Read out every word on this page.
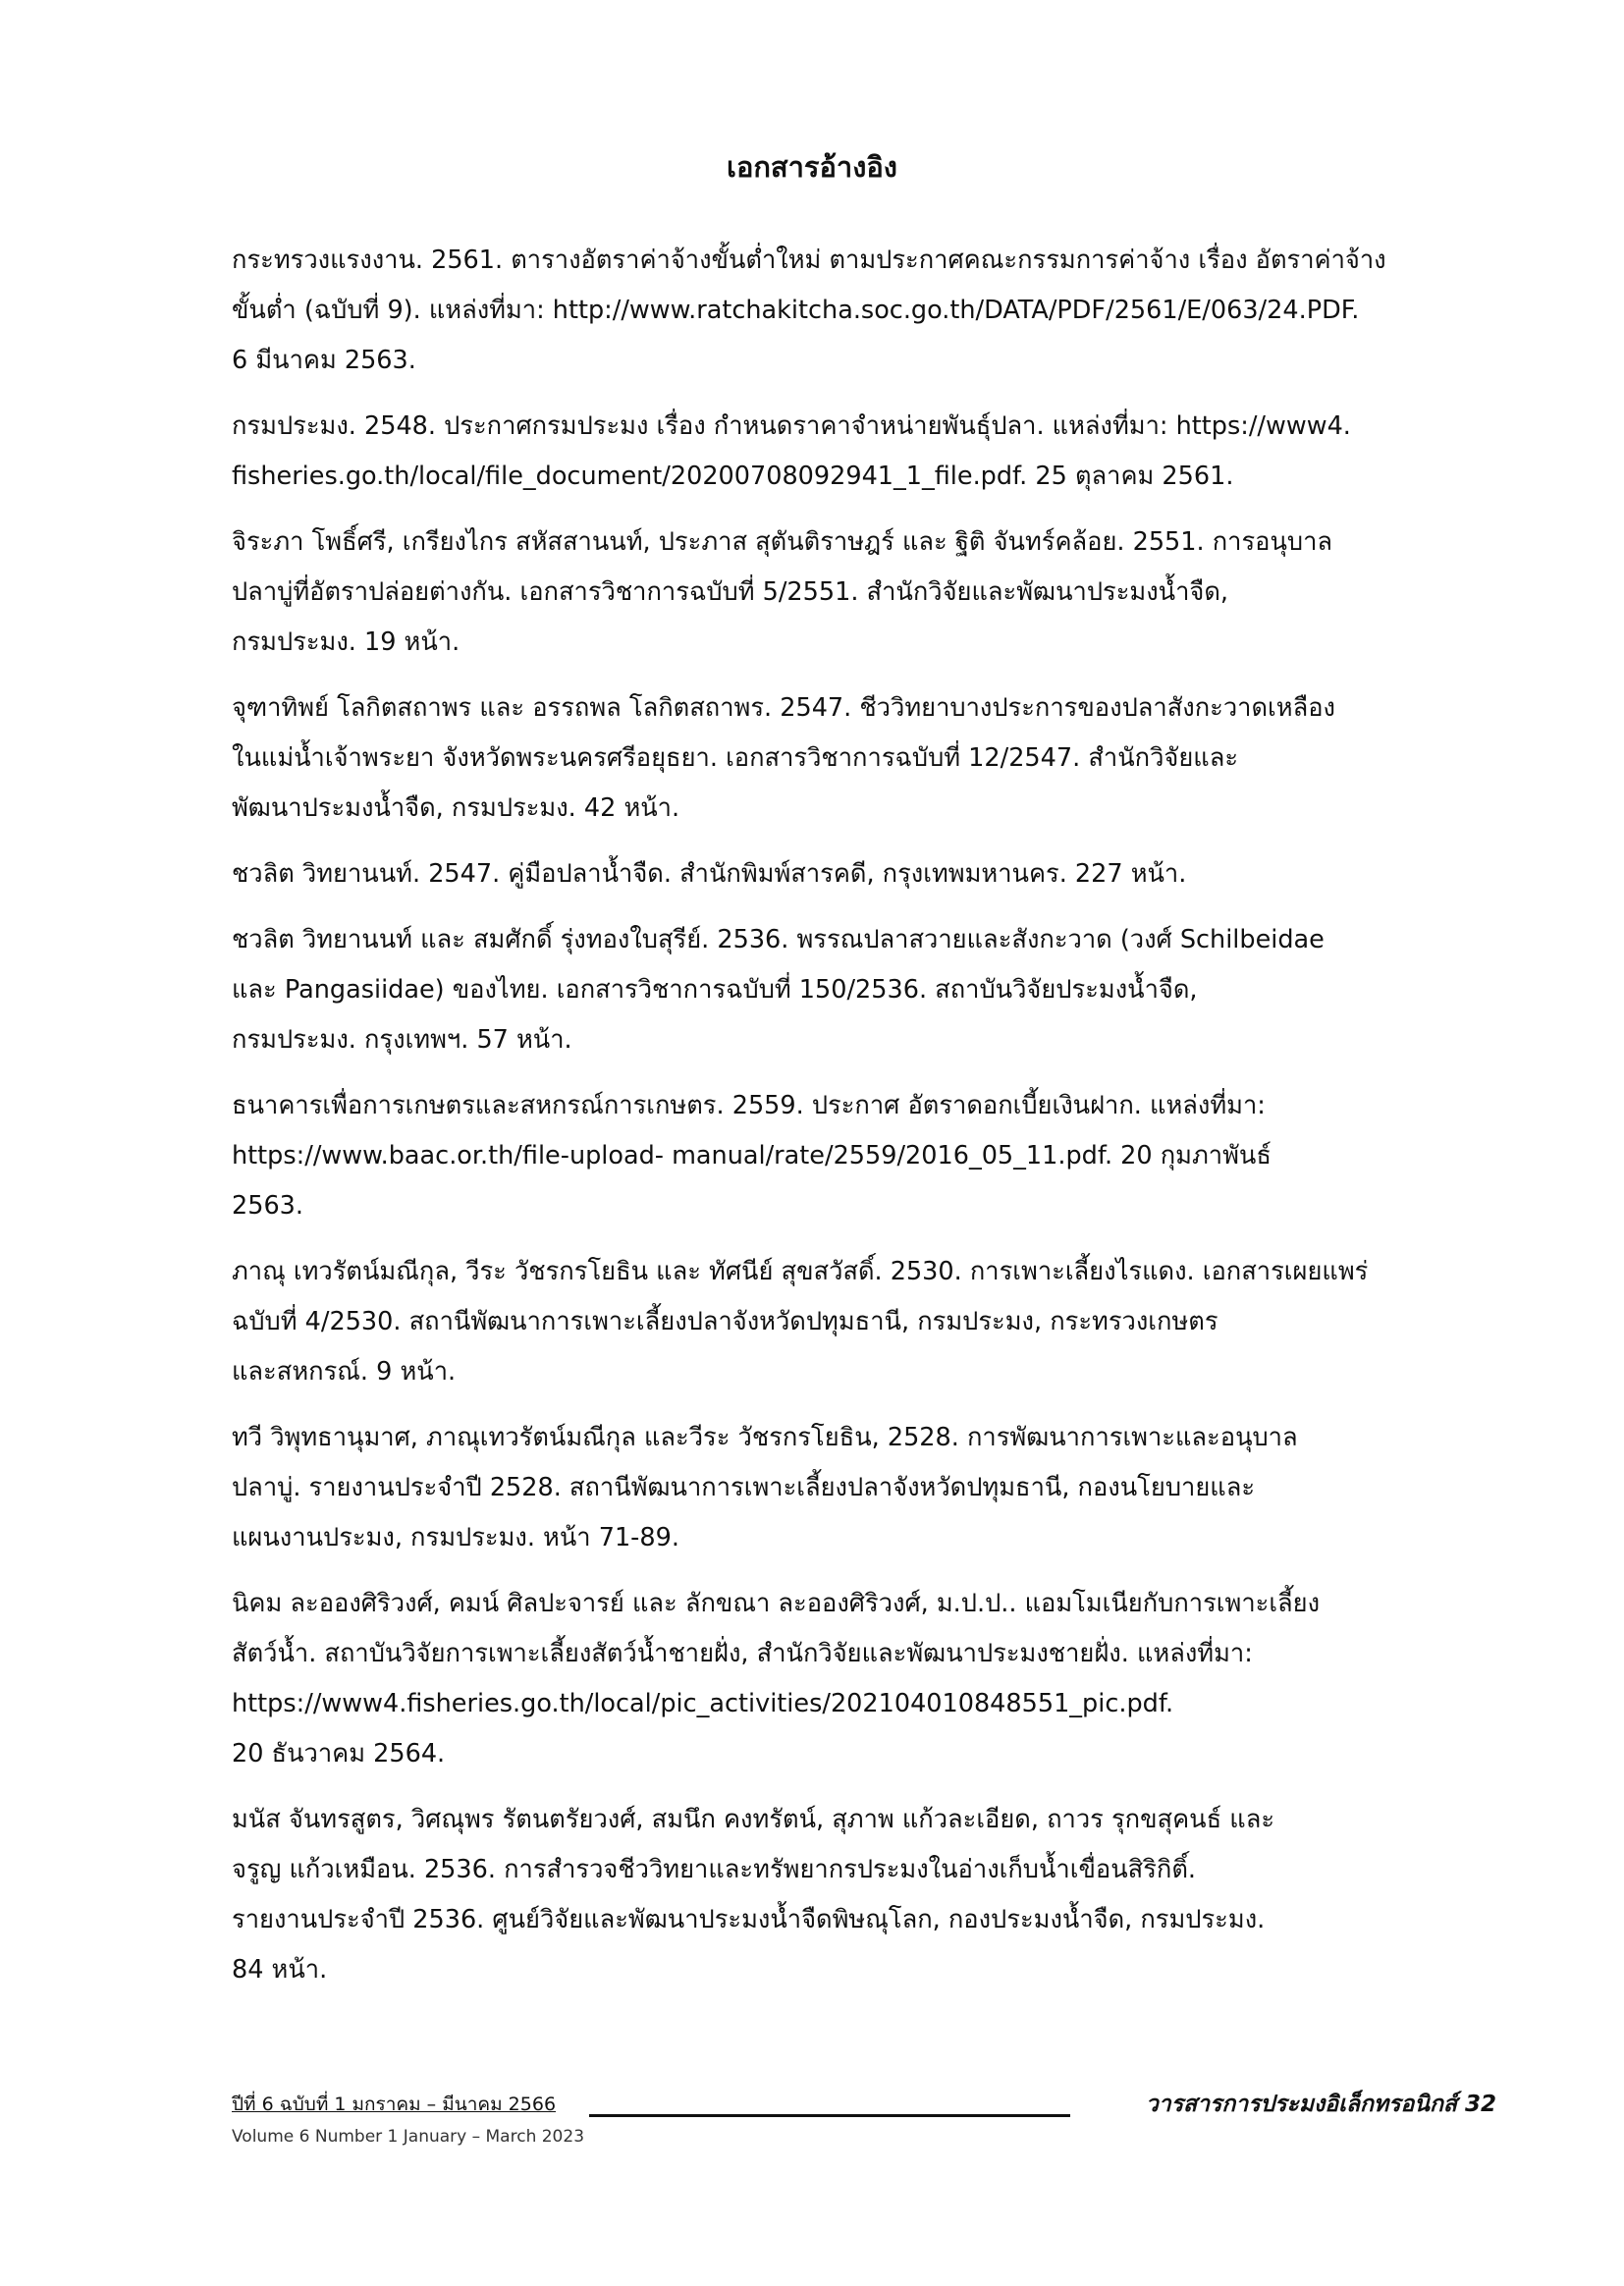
เอกสารอ้างอิง
กระทรวงแรงงาน. 2561. ตารางอัตราค่าจ้างขั้นต่ำใหม่ ตามประกาศคณะกรรมการค่าจ้าง เรื่อง อัตราค่าจ้าง
ขั้นต่ำ (ฉบับที่ 9). แหล่งที่มา: http://www.ratchakitcha.soc.go.th/DATA/PDF/2561/E/063/24.PDF.
6 มีนาคม 2563.
กรมประมง. 2548. ประกาศกรมประมง เรื่อง กำหนดราคาจำหน่ายพันธุ์ปลา. แหล่งที่มา: https://www4.
fisheries.go.th/local/file_document/20200708092941_1_file.pdf. 25 ตุลาคม 2561.
จิระภา โพธิ์ศรี, เกรียงไกร สหัสสานนท์, ประภาส สุตันติราษฎร์ และ ฐิติ จันทร์คล้อย. 2551. การอนุบาล
ปลาบู่ที่อัตราปล่อยต่างกัน. เอกสารวิชาการฉบับที่ 5/2551. สำนักวิจัยและพัฒนาประมงน้ำจืด,
กรมประมง. 19 หน้า.
จุฑาทิพย์ โลกิตสถาพร และ อรรถพล โลกิตสถาพร. 2547. ชีววิทยาบางประการของปลาสังกะวาดเหลือง
ในแม่น้ำเจ้าพระยา จังหวัดพระนครศรีอยุธยา. เอกสารวิชาการฉบับที่ 12/2547. สำนักวิจัยและ
พัฒนาประมงน้ำจืด, กรมประมง. 42 หน้า.
ชวลิต วิทยานนท์. 2547. คู่มือปลาน้ำจืด. สำนักพิมพ์สารคดี, กรุงเทพมหานคร. 227 หน้า.
ชวลิต วิทยานนท์ และ สมศักดิ์ รุ่งทองใบสุรีย์. 2536. พรรณปลาสวายและสังกะวาด (วงศ์ Schilbeidae
และ Pangasiidae) ของไทย. เอกสารวิชาการฉบับที่ 150/2536. สถาบันวิจัยประมงน้ำจืด,
กรมประมง. กรุงเทพฯ. 57 หน้า.
ธนาคารเพื่อการเกษตรและสหกรณ์การเกษตร. 2559. ประกาศ อัตราดอกเบี้ยเงินฝาก. แหล่งที่มา:
https://www.baac.or.th/file-upload- manual/rate/2559/2016_05_11.pdf. 20 กุมภาพันธ์
2563.
ภาณุ เทวรัตน์มณีกุล, วีระ วัชรกรโยธิน และ ทัศนีย์ สุขสวัสดิ์. 2530. การเพาะเลี้ยงไรแดง. เอกสารเผยแพร่
ฉบับที่ 4/2530. สถานีพัฒนาการเพาะเลี้ยงปลาจังหวัดปทุมธานี, กรมประมง, กระทรวงเกษตร
และสหกรณ์. 9 หน้า.
ทวี วิพุทธานุมาศ, ภาณุเทวรัตน์มณีกุล และวีระ วัชรกรโยธิน, 2528. การพัฒนาการเพาะและอนุบาล
ปลาบู่. รายงานประจำปี 2528. สถานีพัฒนาการเพาะเลี้ยงปลาจังหวัดปทุมธานี, กองนโยบายและ
แผนงานประมง, กรมประมง. หน้า 71-89.
นิคม ละอองศิริวงศ์, คมน์ ศิลปะจารย์ และ ลักขณา ละอองศิริวงศ์, ม.ป.ป.. แอมโมเนียกับการเพาะเลี้ยง
สัตว์น้ำ. สถาบันวิจัยการเพาะเลี้ยงสัตว์น้ำชายฝั่ง, สำนักวิจัยและพัฒนาประมงชายฝั่ง. แหล่งที่มา:
https://www4.fisheries.go.th/local/pic_activities/202104010848551_pic.pdf.
20 ธันวาคม 2564.
มนัส จันทรสูตร, วิศณุพร รัตนตรัยวงศ์, สมนึก คงทรัตน์, สุภาพ แก้วละเอียด, ถาวร รุกขสุคนธ์ และ
จรูญ แก้วเหมือน. 2536. การสำรวจชีววิทยาและทรัพยากรประมงในอ่างเก็บน้ำเขื่อนสิริกิติ์.
รายงานประจำปี 2536. ศูนย์วิจัยและพัฒนาประมงน้ำจืดพิษณุโลก, กองประมงน้ำจืด, กรมประมง.
84 หน้า.
ปีที่ 6 ฉบับที่ 1 มกราคม – มีนาคม 2566	วารสารการประมงอิเล็กทรอนิกส์ 32
Volume 6 Number 1 January – March 2023
